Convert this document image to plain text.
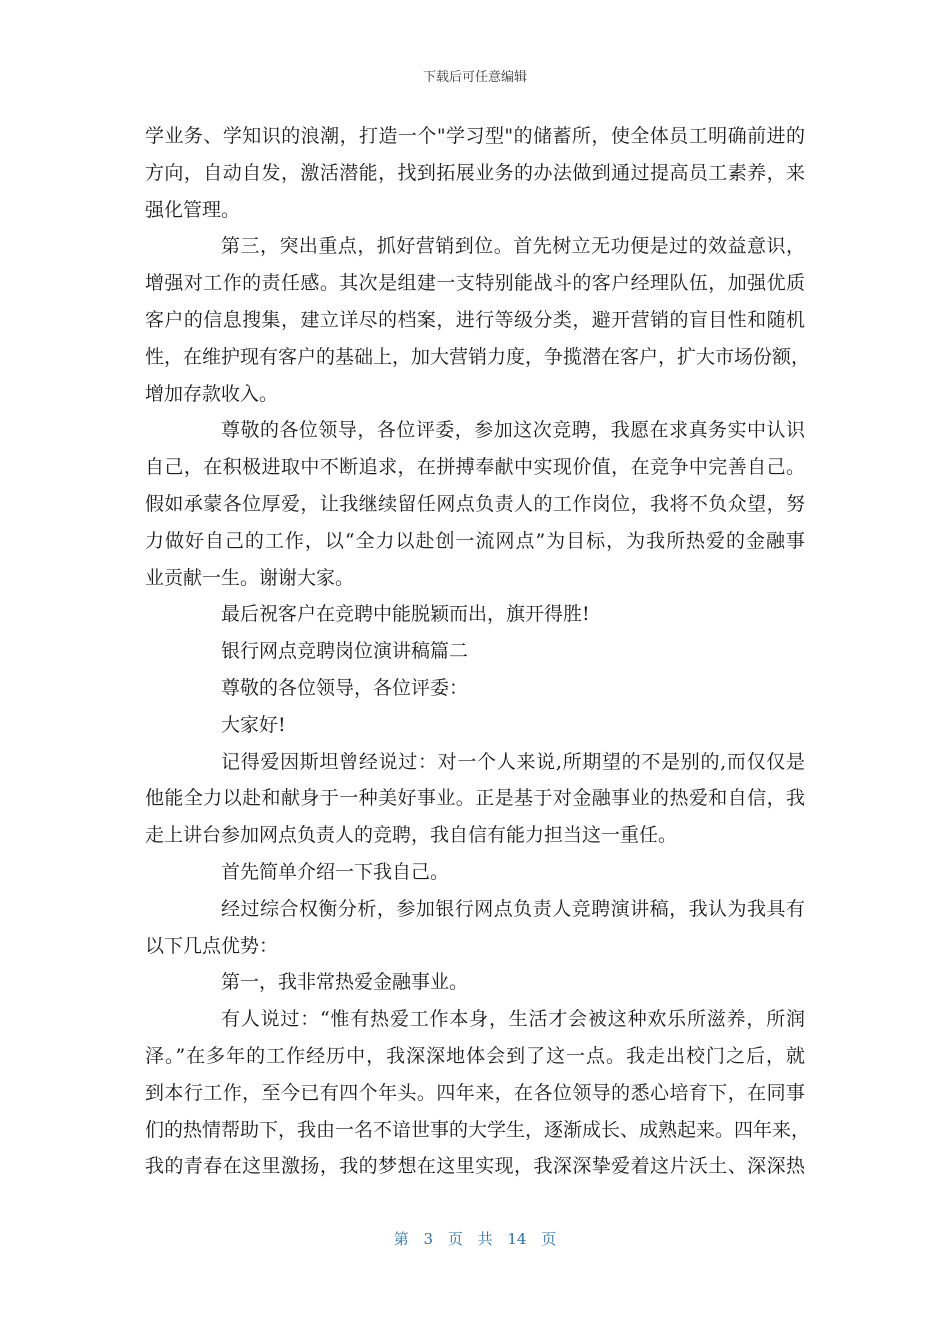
下载后可任意编辑
学业务、学知识的浪潮，打造一个"学习型"的储蓄所，使全体员工明确前进的
方向，自动自发，激活潜能，找到拓展业务的办法做到通过提高员工素养，来
强化管理。
第三，突出重点，抓好营销到位。首先树立无功便是过的效益意识，
增强对工作的责任感。其次是组建一支特别能战斗的客户经理队伍，加强优质
客户的信息搜集，建立详尽的档案，进行等级分类，避开营销的盲目性和随机
性，在维护现有客户的基础上，加大营销力度，争揽潜在客户，扩大市场份额，
增加存款收入。
尊敬的各位领导，各位评委，参加这次竞聘，我愿在求真务实中认识
自己，在积极进取中不断追求，在拼搏奉献中实现价值，在竞争中完善自己。
假如承蒙各位厚爱，让我继续留任网点负责人的工作岗位，我将不负众望，努
力做好自己的工作，以“全力以赴创一流网点”为目标，为我所热爱的金融事
业贡献一生。谢谢大家。
最后祝客户在竞聘中能脱颖而出，旗开得胜!
银行网点竞聘岗位演讲稿篇二
尊敬的各位领导，各位评委：
大家好!
记得爱因斯坦曾经说过：对一个人来说,所期望的不是别的,而仅仅是
他能全力以赴和献身于一种美好事业。正是基于对金融事业的热爱和自信，我
走上讲台参加网点负责人的竞聘，我自信有能力担当这一重任。
首先简单介绍一下我自己。
经过综合权衡分析，参加银行网点负责人竞聘演讲稿，我认为我具有
以下几点优势：
第一，我非常热爱金融事业。
有人说过：“惟有热爱工作本身，生活才会被这种欢乐所滋养，所润
泽。”在多年的工作经历中，我深深地体会到了这一点。我走出校门之后，就
到本行工作，至今已有四个年头。四年来，在各位领导的悉心培育下，在同事
们的热情帮助下，我由一名不谙世事的大学生，逐渐成长、成熟起来。四年来，
我的青春在这里激扬，我的梦想在这里实现，我深深挚爱着这片沃土、深深热
第 3 页 共 14 页
